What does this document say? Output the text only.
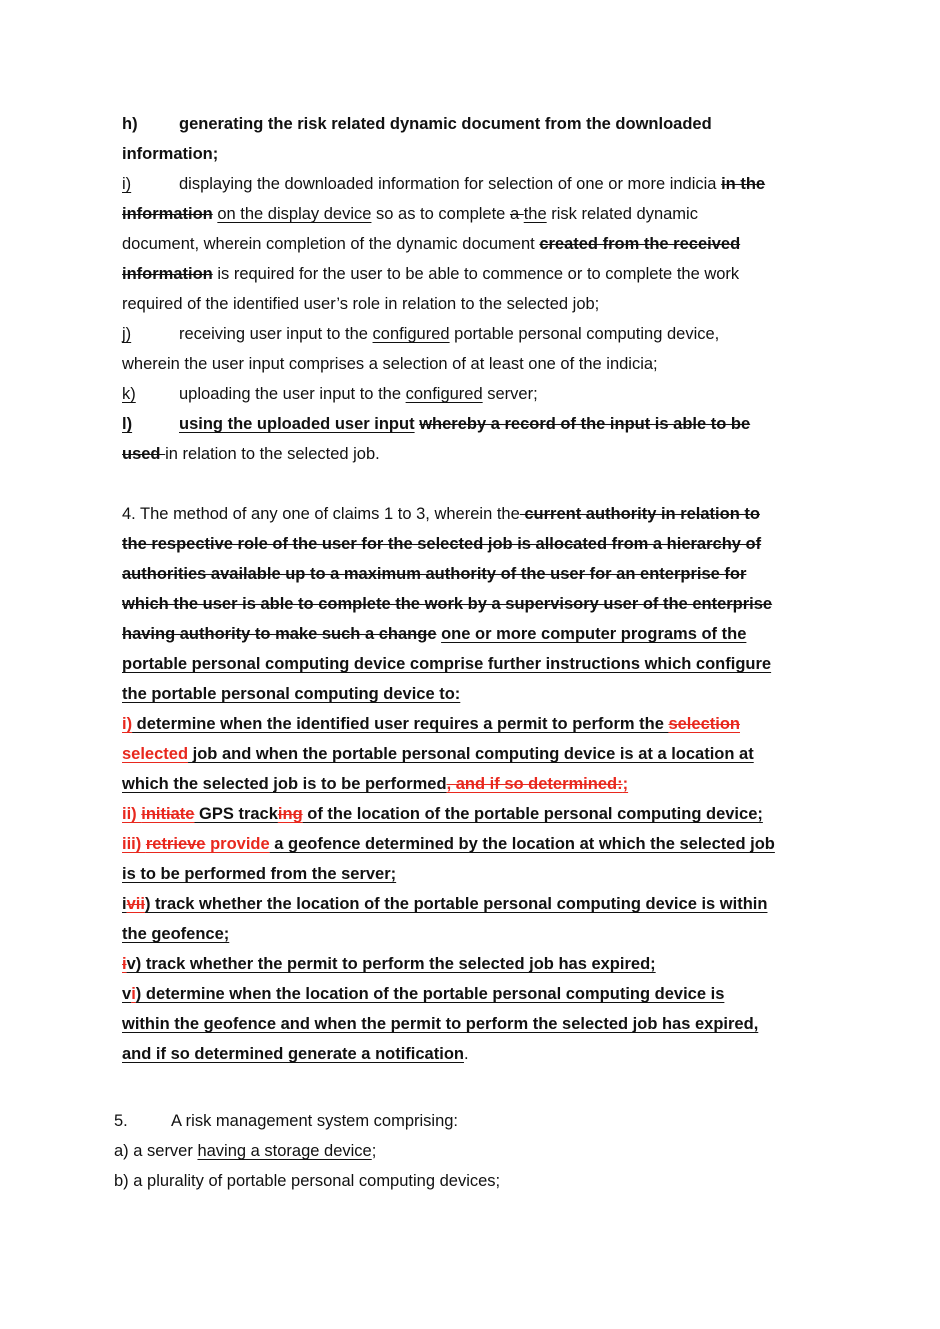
h)	generating the risk related dynamic document from the downloaded
information;
i)	displaying the downloaded information for selection of one or more indicia in the
information on the display device so as to complete a the risk related dynamic
document, wherein completion of the dynamic document created from the received
information is required for the user to be able to commence or to complete the work
required of the identified user’s role in relation to the selected job;
j)	receiving user input to the configured portable personal computing device,
wherein the user input comprises a selection of at least one of the indicia;
k)	uploading the user input to the configured server;
l)	using the uploaded user input whereby a record of the input is able to be
used in relation to the selected job.
4. The method of any one of claims 1 to 3, wherein the current authority in relation to
the respective role of the user for the selected job is allocated from a hierarchy of
authorities available up to a maximum authority of the user for an enterprise for
which the user is able to complete the work by a supervisory user of the enterprise
having authority to make such a change one or more computer programs of the
portable personal computing device comprise further instructions which configure
the portable personal computing device to:
i) determine when the identified user requires a permit to perform the selection
selected job and when the portable personal computing device is at a location at
which the selected job is to be performed, and if so determined:;
ii) initiate GPS tracking of the location of the portable personal computing device;
iii) retrieve provide a geofence determined by the location at which the selected job
is to be performed from the server;
ivii) track whether the location of the portable personal computing device is within
the geofence;
iv) track whether the permit to perform the selected job has expired;
vi) determine when the location of the portable personal computing device is
within the geofence and when the permit to perform the selected job has expired,
and if so determined generate a notification.
5.	A risk management system comprising:
a) a server having a storage device;
b) a plurality of portable personal computing devices;
